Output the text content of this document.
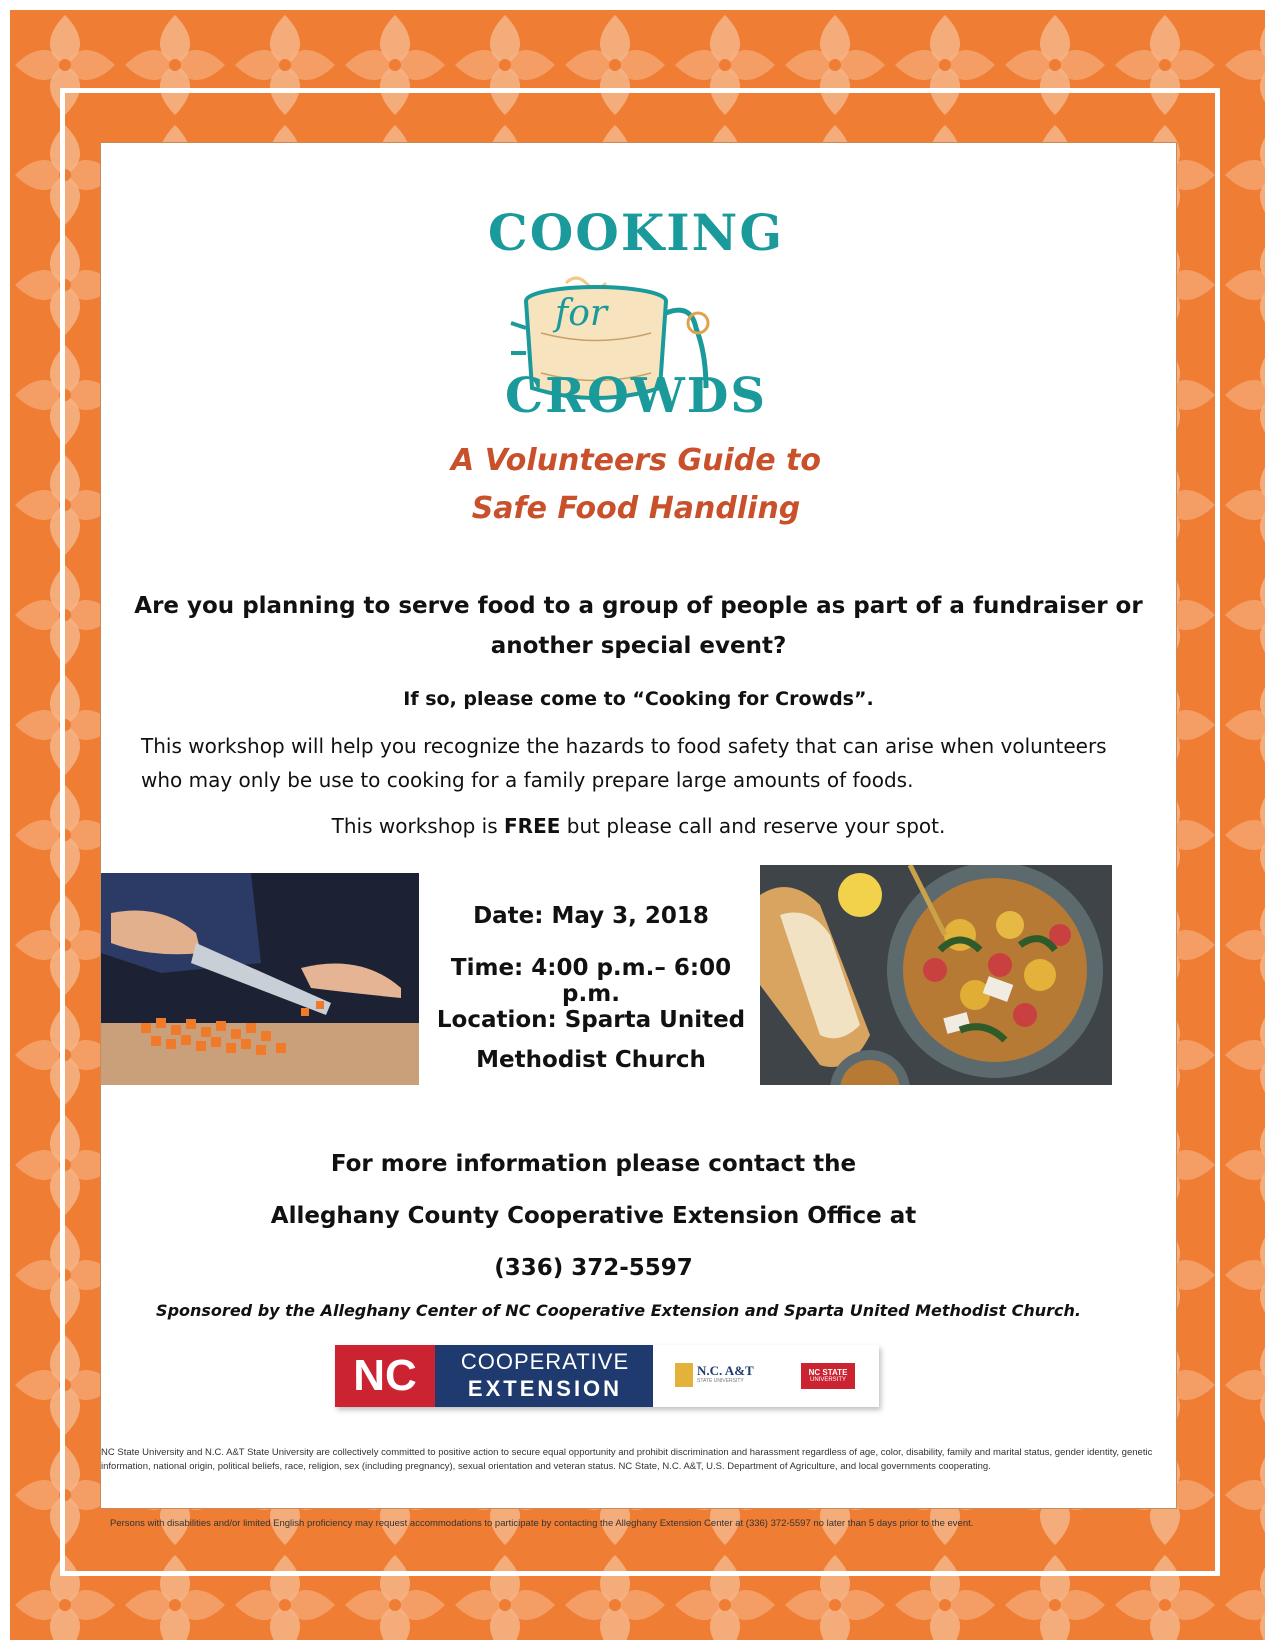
COOKING
for
CROWDS
A Volunteers Guide to
Safe Food Handling
Are you planning to serve food to a group of people as part of a fundraiser or
another special event?
If so, please come to “Cooking for Crowds”.
This workshop will help you recognize the hazards to food safety that can arise when volunteers
who may only be use to cooking for a family prepare large amounts of foods.
This workshop is FREE but please call and reserve your spot.
Date: May 3, 2018
Time: 4:00 p.m.– 6:00 p.m.
Location: Sparta United
Methodist Church
For more information please contact the
Alleghany County Cooperative Extension Office at
(336) 372-5597
Sponsored by the Alleghany Center of NC Cooperative Extension and Sparta United Methodist Church.
NC	COOPERATIVE
EXTENSION
N.C. A&T
STATE UNIVERSITY
NC STATE
UNIVERSITY
NC State University and N.C. A&T State University are collectively committed to positive action to secure equal opportunity and prohibit discrimination and harassment regardless of age, color, disability, family and marital status, gender identity, genetic information, national origin, political beliefs, race, religion, sex (including pregnancy), sexual orientation and veteran status. NC State, N.C. A&T, U.S. Department of Agriculture, and local governments cooperating.
Persons with disabilities and/or limited English proficiency may request accommodations to participate by contacting the Alleghany Extension Center at (336) 372-5597 no later than 5 days prior to the event.
